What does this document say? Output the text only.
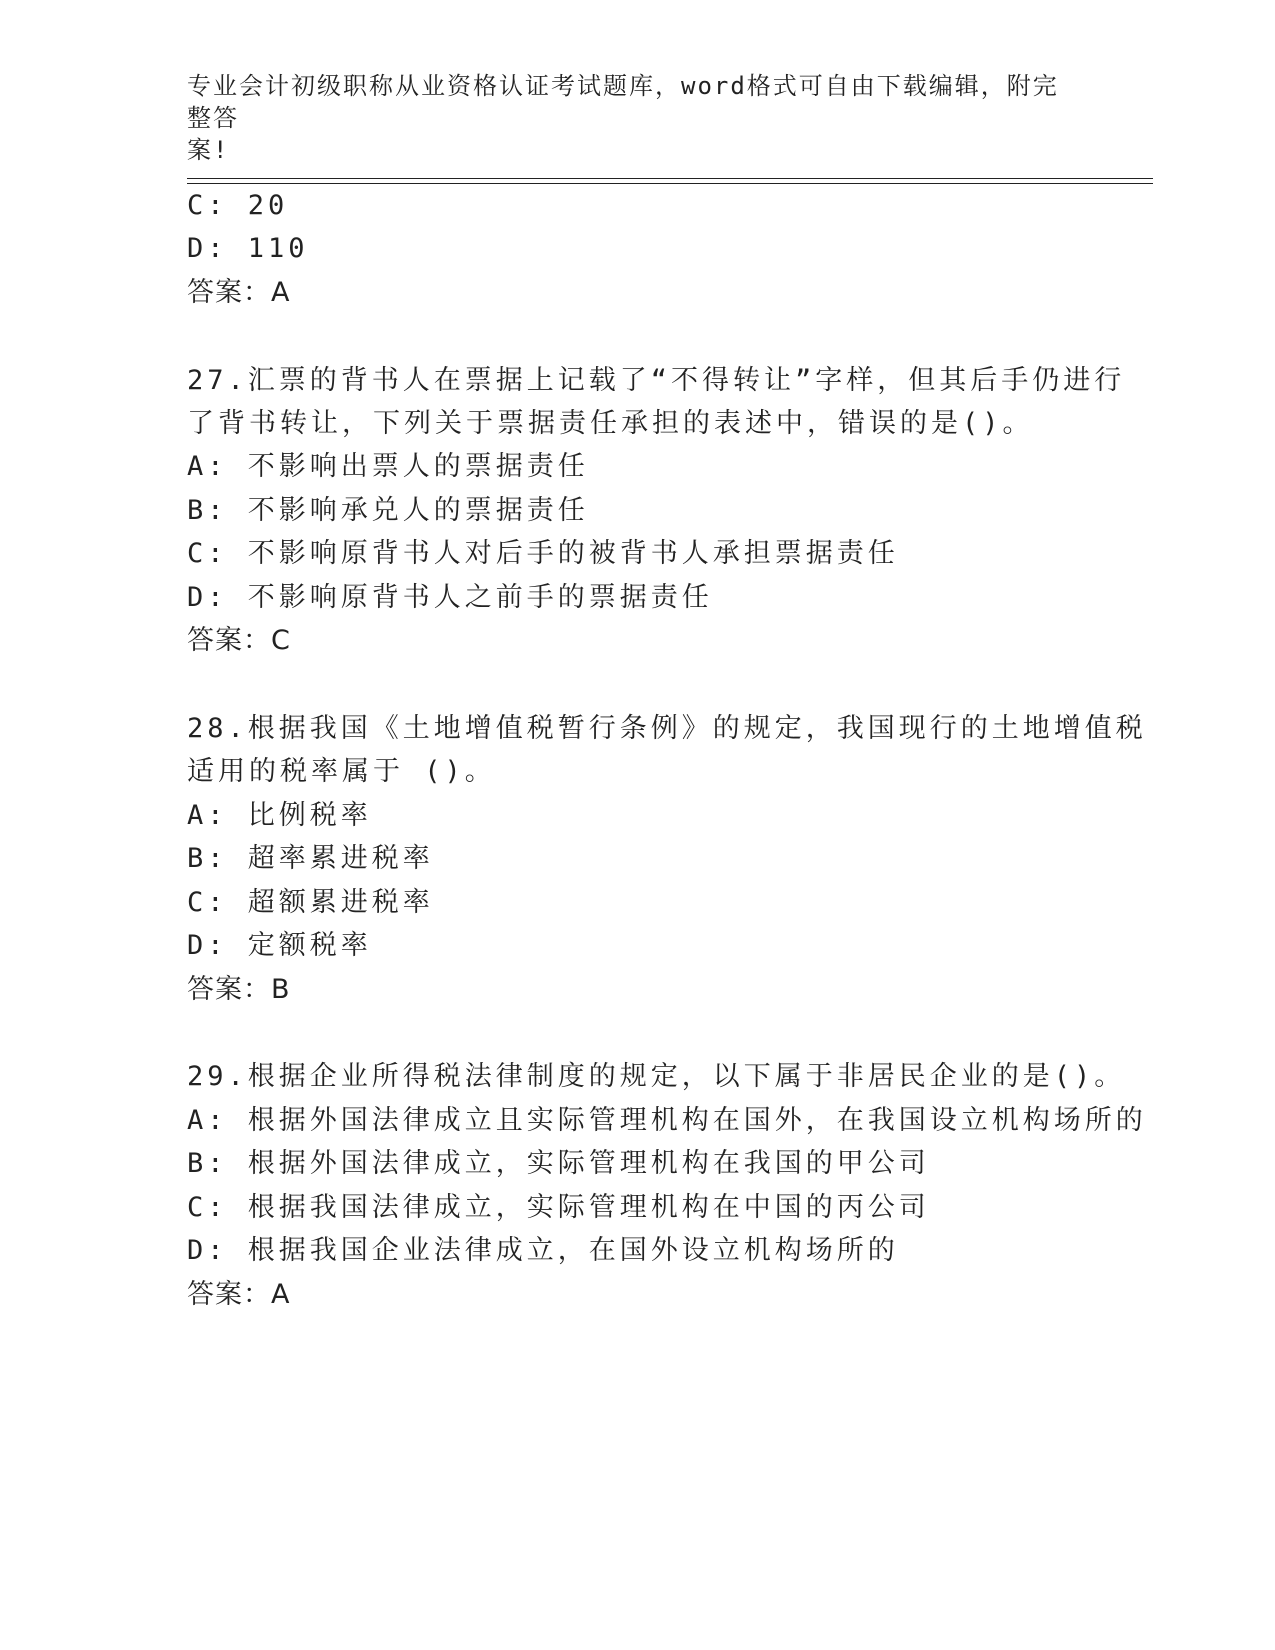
专业会计初级职称从业资格认证考试题库，word格式可自由下载编辑，附完整答
案!
C: 20
D: 110
答案：A
27.汇票的背书人在票据上记载了“不得转让”字样，但其后手仍进行
了背书转让，下列关于票据责任承担的表述中，错误的是()。
A: 不影响出票人的票据责任
B: 不影响承兑人的票据责任
C: 不影响原背书人对后手的被背书人承担票据责任
D: 不影响原背书人之前手的票据责任
答案：C
28.根据我国《土地增值税暂行条例》的规定，我国现行的土地增值税
适用的税率属于 ()。
A: 比例税率
B: 超率累进税率
C: 超额累进税率
D: 定额税率
答案：B
29.根据企业所得税法律制度的规定，以下属于非居民企业的是()。
A: 根据外国法律成立且实际管理机构在国外，在我国设立机构场所的
B: 根据外国法律成立，实际管理机构在我国的甲公司
C: 根据我国法律成立，实际管理机构在中国的丙公司
D: 根据我国企业法律成立，在国外设立机构场所的
答案：A
